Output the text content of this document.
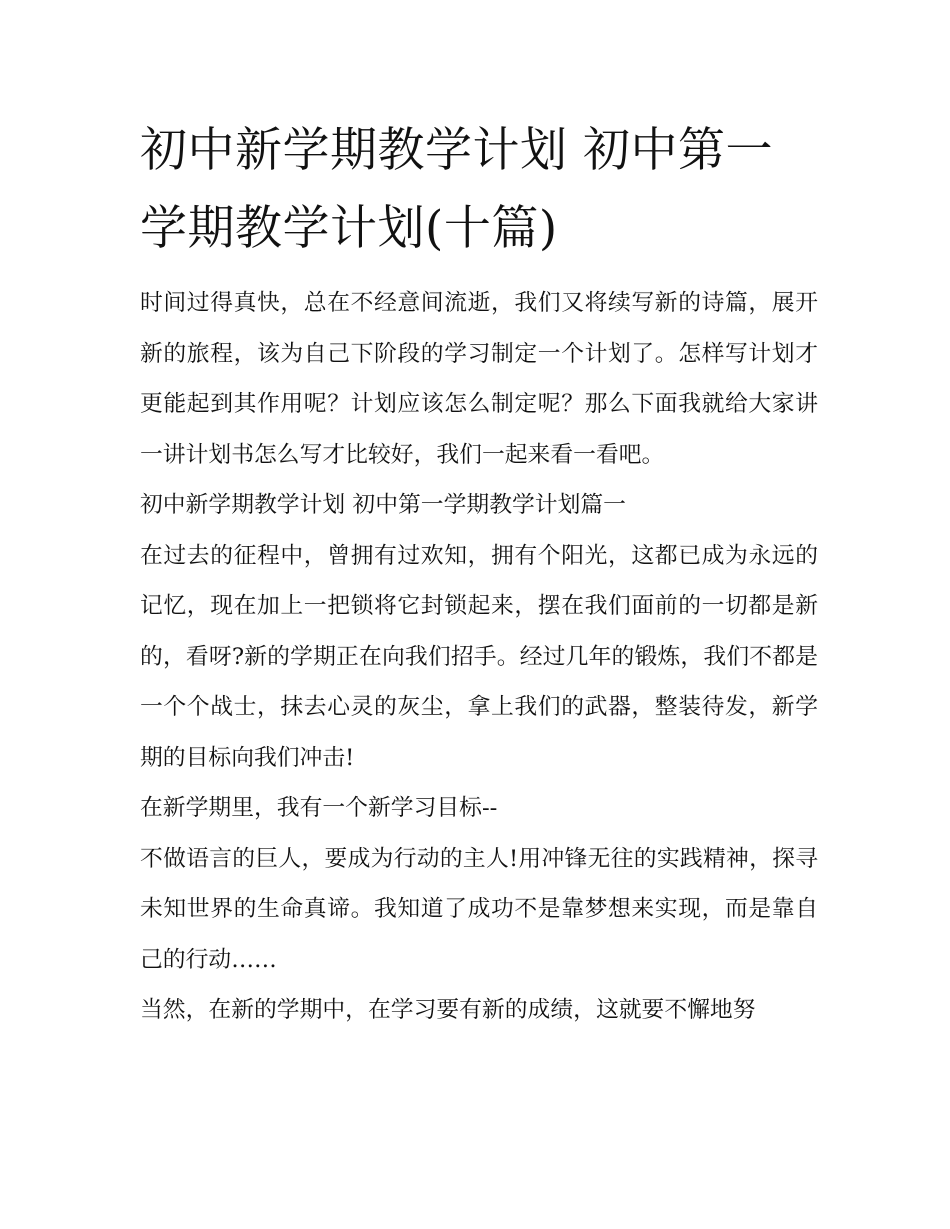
初中新学期教学计划 初中第一学期教学计划(十篇)

时间过得真快，总在不经意间流逝，我们又将续写新的诗篇，展开新的旅程，该为自己下阶段的学习制定一个计划了。怎样写计划才更能起到其作用呢？计划应该怎么制定呢？那么下面我就给大家讲一讲计划书怎么写才比较好，我们一起来看一看吧。

初中新学期教学计划 初中第一学期教学计划篇一

在过去的征程中，曾拥有过欢知，拥有个阳光，这都已成为永远的记忆，现在加上一把锁将它封锁起来，摆在我们面前的一切都是新的，看呀?新的学期正在向我们招手。经过几年的锻炼，我们不都是一个个战士，抹去心灵的灰尘，拿上我们的武器，整装待发，新学期的目标向我们冲击!

在新学期里，我有一个新学习目标--

不做语言的巨人，要成为行动的主人!用冲锋无往的实践精神，探寻未知世界的生命真谛。我知道了成功不是靠梦想来实现，而是靠自己的行动……

当然，在新的学期中，在学习要有新的成绩，这就要不懈地努
